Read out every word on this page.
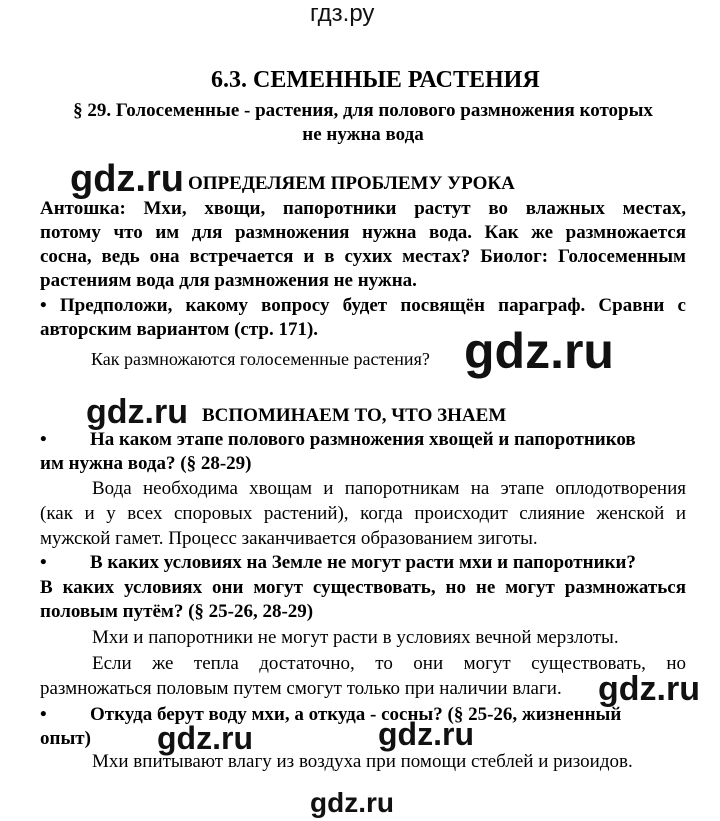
гдз.ру
6.3. СЕМЕННЫЕ РАСТЕНИЯ
§ 29. Голосеменные - растения, для полового размножения которых
не нужна вода
gdz.ru ОПРЕДЕЛЯЕМ ПРОБЛЕМУ УРОКА
Антошка: Мхи, хвощи, папоротники растут во влажных местах,
потому что им для размножения нужна вода. Как же размножается
сосна, ведь она встречается и в сухих местах? Биолог: Голосеменным
растениям вода для размножения не нужна.
• Предположи, какому вопросу будет посвящён параграф. Сравни с
авторским вариантом (стр. 171).
Как размножаются голосеменные растения? gdz.ru
gdz.ru ВСПОМИНАЕМ ТО, ЧТО ЗНАЕМ
• На каком этапе полового размножения хвощей и папоротников
им нужна вода? (§ 28-29)
Вода необходима хвощам и папоротникам на этапе оплодотворения
(как и у всех споровых растений), когда происходит слияние женской и
мужской гамет. Процесс заканчивается образованием зиготы.
• В каких условиях на Земле не могут расти мхи и папоротники?
В каких условиях они могут существовать, но не могут размножаться
половым путём? (§ 25-26, 28-29)
Мхи и папоротники не могут расти в условиях вечной мерзлоты.
Если же тепла достаточно, то они могут существовать, но
размножаться половым путем смогут только при наличии влаги.	gdz.ru
• Откуда берут воду мхи, а откуда - сосны? (§ 25-26, жизненный
опыт)	gdz.ru	gdz.ru
Мхи впитывают влагу из воздуха при помощи стеблей и ризоидов.
gdz.ru
